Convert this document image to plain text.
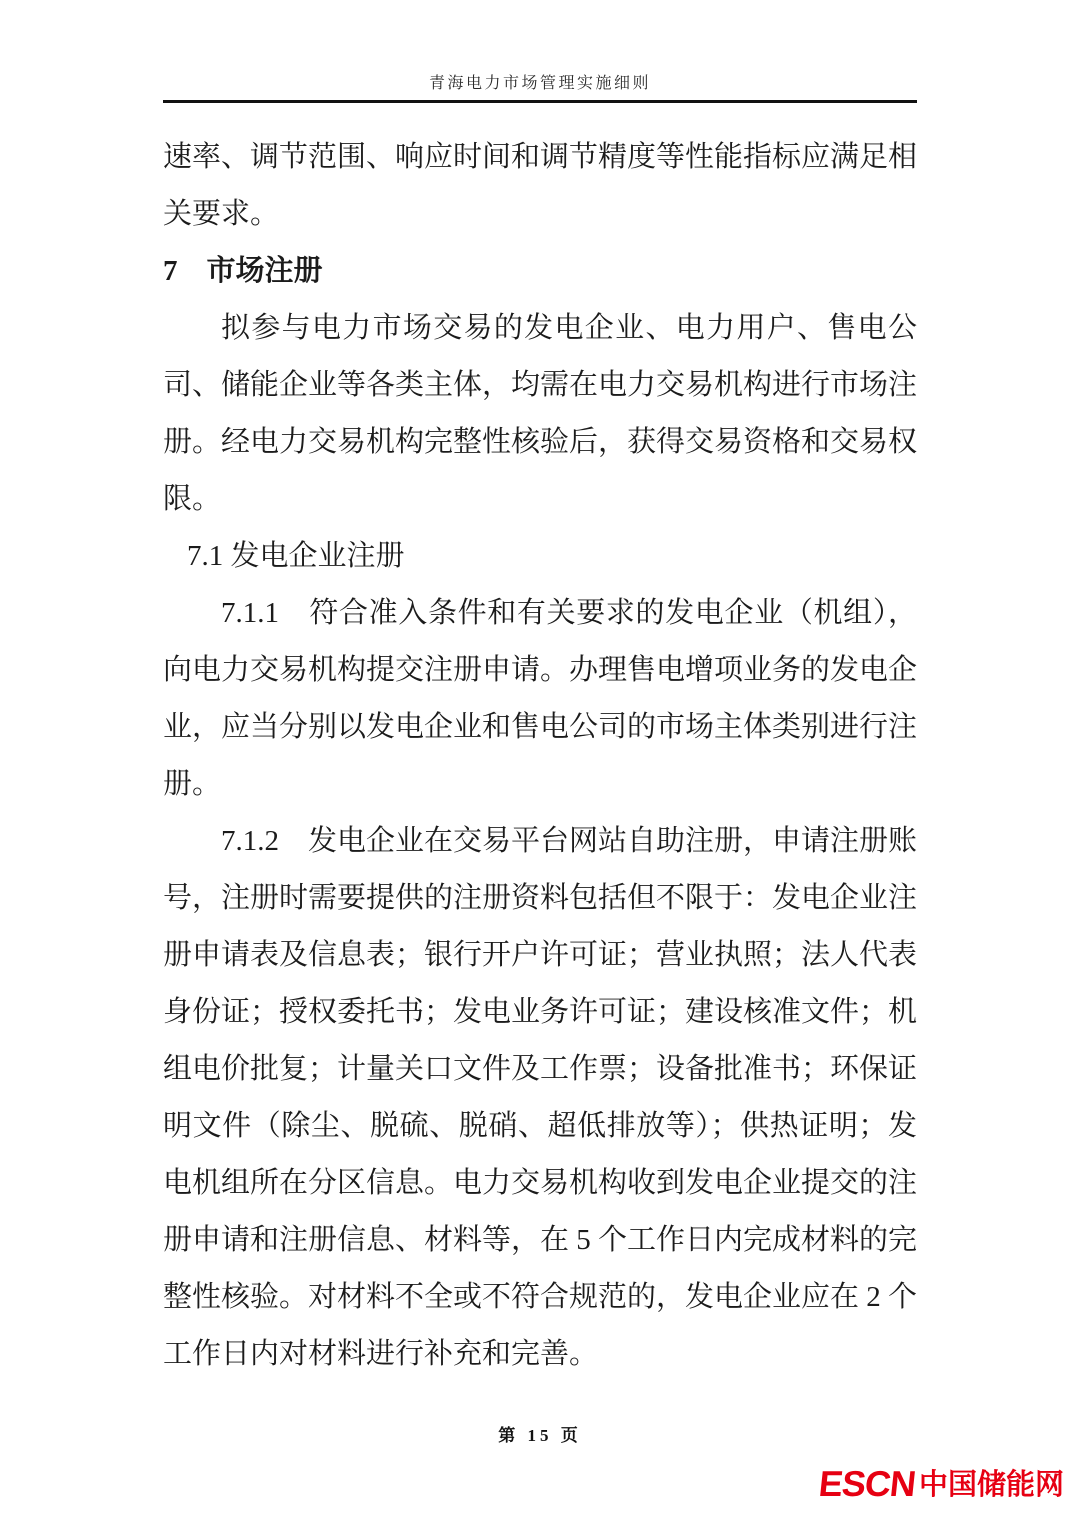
青海电力市场管理实施细则

速率、调节范围、响应时间和调节精度等性能指标应满足相关要求。

7　市场注册

拟参与电力市场交易的发电企业、电力用户、售电公司、储能企业等各类主体，均需在电力交易机构进行市场注册。经电力交易机构完整性核验后，获得交易资格和交易权限。

7.1 发电企业注册

7.1.1　符合准入条件和有关要求的发电企业（机组），向电力交易机构提交注册申请。办理售电增项业务的发电企业，应当分别以发电企业和售电公司的市场主体类别进行注册。

7.1.2　发电企业在交易平台网站自助注册，申请注册账号，注册时需要提供的注册资料包括但不限于：发电企业注册申请表及信息表；银行开户许可证；营业执照；法人代表身份证；授权委托书；发电业务许可证；建设核准文件；机组电价批复；计量关口文件及工作票；设备批准书；环保证明文件（除尘、脱硫、脱硝、超低排放等）；供热证明；发电机组所在分区信息。电力交易机构收到发电企业提交的注册申请和注册信息、材料等，在 5 个工作日内完成材料的完整性核验。对材料不全或不符合规范的，发电企业应在 2 个工作日内对材料进行补充和完善。

第 15 页
ESCN 中国储能网
